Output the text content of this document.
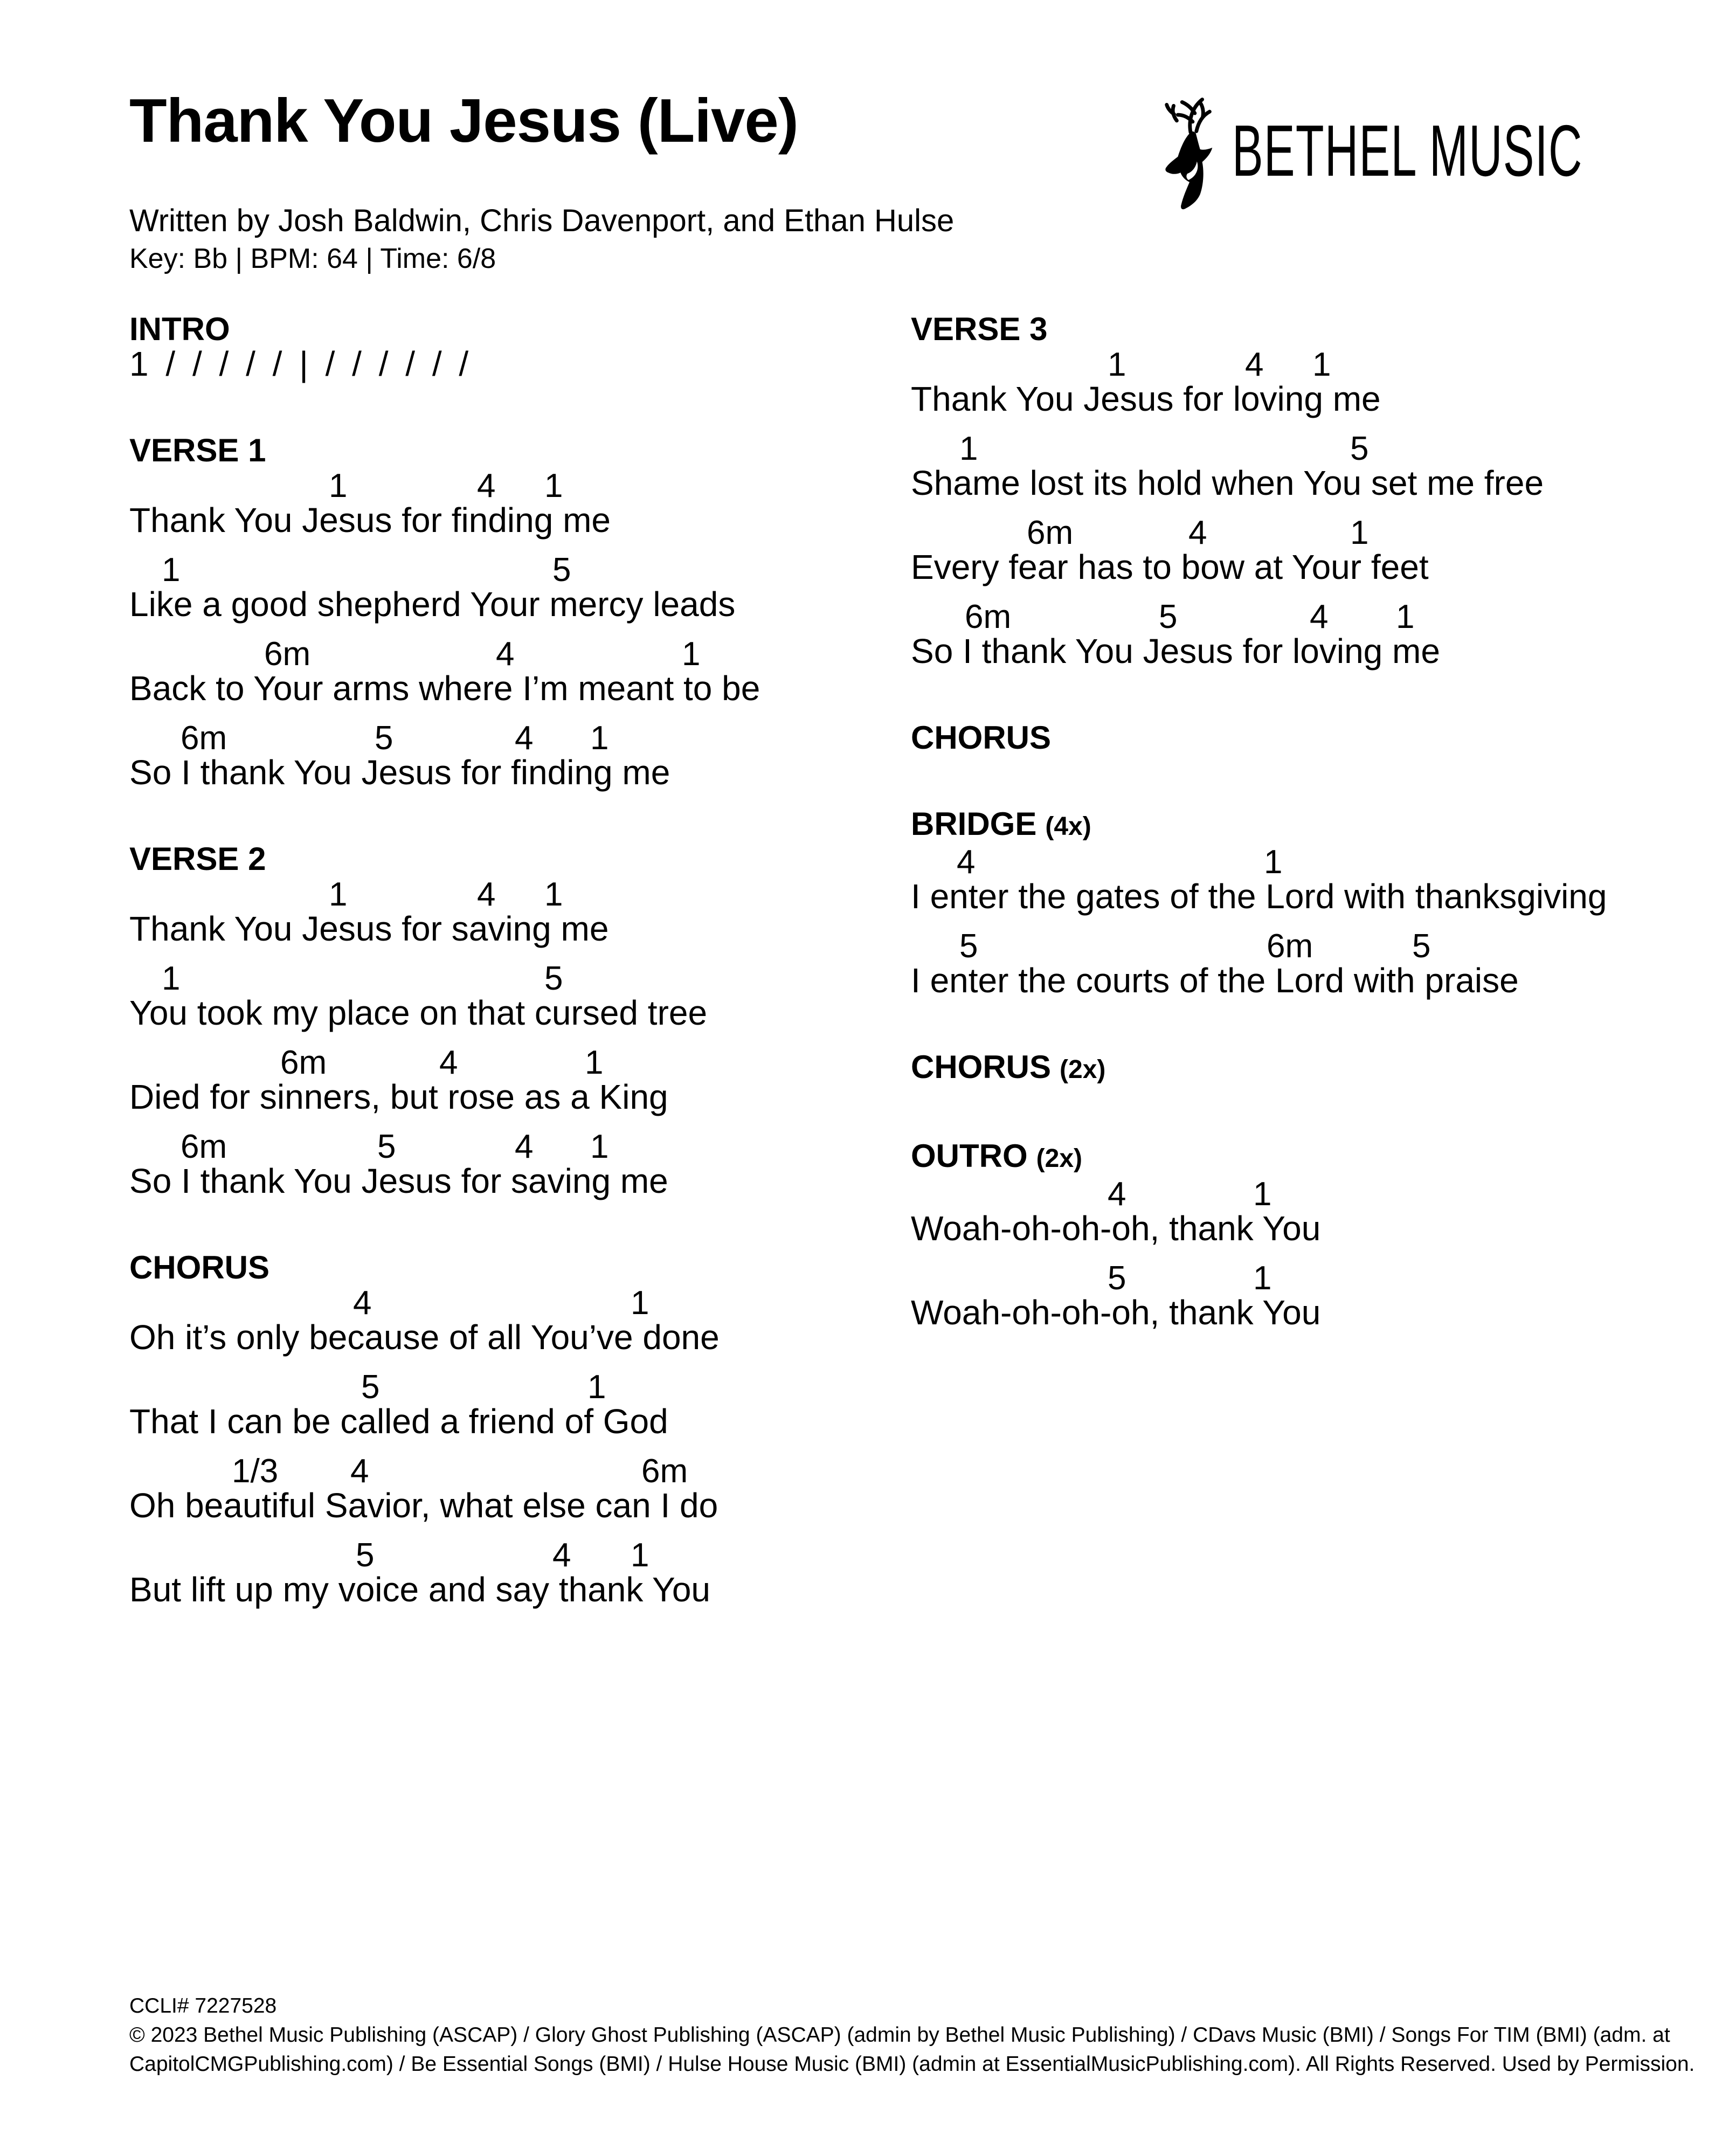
Thank You Jesus (Live)
Written by Josh Baldwin, Chris Davenport, and Ethan Hulse
Key: Bb | BPM: 64 | Time: 6/8
BETHEL MUSIC
INTRO
1 / / / / / | / / / / / /
VERSE 1
1	4 1
Thank You Jesus for finding me
1	5
Like a good shepherd Your mercy leads
6m	4	1
Back to Your arms where I’m meant to be
6m	5	4 1
So I thank You Jesus for finding me
VERSE 2
1	4 1
Thank You Jesus for saving me
1	5
You took my place on that cursed tree
6m	4	1
Died for sinners, but rose as a King
6m	5	4 1
So I thank You Jesus for saving me
CHORUS
4	1
Oh it’s only because of all You’ve done
5	1
That I can be called a friend of God
1/3 4	6m
Oh beautiful Savior, what else can I do
5	4 1
But lift up my voice and say thank You
VERSE 3
1	4 1
Thank You Jesus for loving me
1	5
Shame lost its hold when You set me free
6m	4	1
Every fear has to bow at Your feet
6m	5	4 1
So I thank You Jesus for loving me
CHORUS
BRIDGE (4x)
4	1
I enter the gates of the Lord with thanksgiving
5	6m	5
I enter the courts of the Lord with praise
CHORUS (2x)
OUTRO (2x)
4	1
Woah-oh-oh-oh, thank You
5	1
Woah-oh-oh-oh, thank You
CCLI# 7227528
© 2023 Bethel Music Publishing (ASCAP) / Glory Ghost Publishing (ASCAP) (admin by Bethel Music Publishing) / CDavs Music (BMI) / Songs For TIM (BMI) (adm. at CapitolCMGPublishing.com) / Be Essential Songs (BMI) / Hulse House Music (BMI) (admin at EssentialMusicPublishing.com). All Rights Reserved. Used by Permission.
